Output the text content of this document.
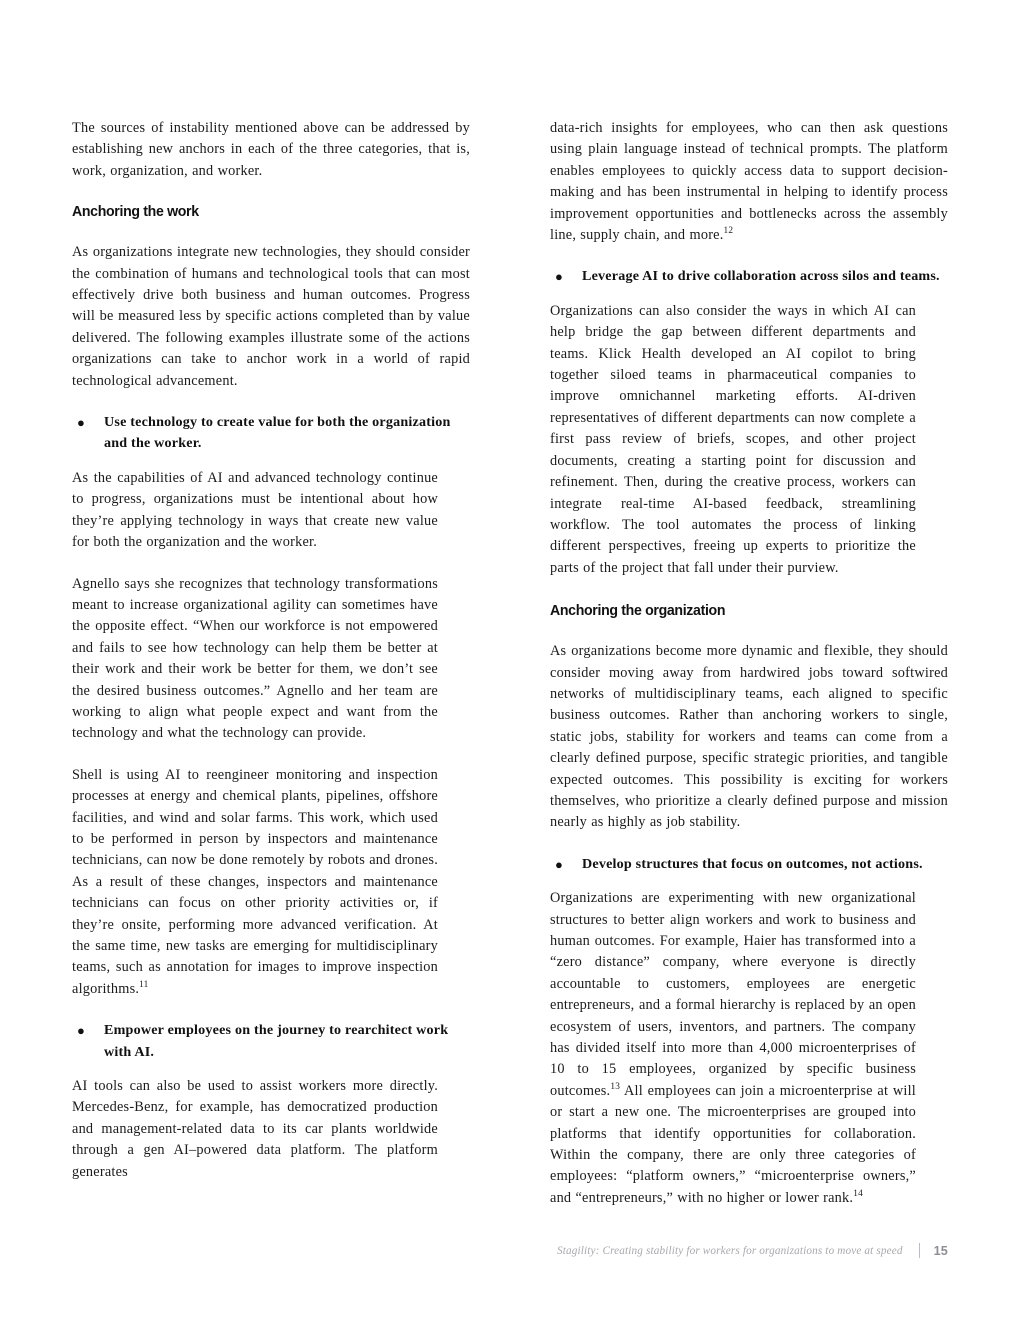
The sources of instability mentioned above can be addressed by establishing new anchors in each of the three categories, that is, work, organization, and worker.

Anchoring the work

As organizations integrate new technologies, they should consider the combination of humans and technological tools that can most effectively drive both business and human outcomes. Progress will be measured less by specific actions completed than by value delivered. The following examples illustrate some of the actions organizations can take to anchor work in a world of rapid technological advancement.

●	Use technology to create value for both the organization and the worker.

As the capabilities of AI and advanced technology continue to progress, organizations must be intentional about how they’re applying technology in ways that create new value for both the organization and the worker.

Agnello says she recognizes that technology transformations meant to increase organizational agility can sometimes have the opposite effect. “When our workforce is not empowered and fails to see how technology can help them be better at their work and their work be better for them, we don’t see the desired business outcomes.” Agnello and her team are working to align what people expect and want from the technology and what the technology can provide.

Shell is using AI to reengineer monitoring and inspection processes at energy and chemical plants, pipelines, offshore facilities, and wind and solar farms. This work, which used to be performed in person by inspectors and maintenance technicians, can now be done remotely by robots and drones. As a result of these changes, inspectors and maintenance technicians can focus on other priority activities or, if they’re onsite, performing more advanced verification. At the same time, new tasks are emerging for multidisciplinary teams, such as annotation for images to improve inspection algorithms.$^{11}$

●	Empower employees on the journey to rearchitect work with AI.

AI tools can also be used to assist workers more directly. Mercedes-Benz, for example, has democratized production and management-related data to its car plants worldwide through a gen AI–powered data platform. The platform generates

data-rich insights for employees, who can then ask questions using plain language instead of technical prompts. The platform enables employees to quickly access data to support decision-making and has been instrumental in helping to identify process improvement opportunities and bottlenecks across the assembly line, supply chain, and more.$^{12}$

●	Leverage AI to drive collaboration across silos and teams.

Organizations can also consider the ways in which AI can help bridge the gap between different departments and teams. Klick Health developed an AI copilot to bring together siloed teams in pharmaceutical companies to improve omnichannel marketing efforts. AI-driven representatives of different departments can now complete a first pass review of briefs, scopes, and other project documents, creating a starting point for discussion and refinement. Then, during the creative process, workers can integrate real-time AI-based feedback, streamlining workflow. The tool automates the process of linking different perspectives, freeing up experts to prioritize the parts of the project that fall under their purview.

Anchoring the organization

As organizations become more dynamic and flexible, they should consider moving away from hardwired jobs toward softwired networks of multidisciplinary teams, each aligned to specific business outcomes. Rather than anchoring workers to single, static jobs, stability for workers and teams can come from a clearly defined purpose, specific strategic priorities, and tangible expected outcomes. This possibility is exciting for workers themselves, who prioritize a clearly defined purpose and mission nearly as highly as job stability.

●	Develop structures that focus on outcomes, not actions.

Organizations are experimenting with new organizational structures to better align workers and work to business and human outcomes. For example, Haier has transformed into a “zero distance” company, where everyone is directly accountable to customers, employees are energetic entrepreneurs, and a formal hierarchy is replaced by an open ecosystem of users, inventors, and partners. The company has divided itself into more than 4,000 microenterprises of 10 to 15 employees, organized by specific business outcomes.$^{13}$ All employees can join a microenterprise at will or start a new one. The microenterprises are grouped into platforms that identify opportunities for collaboration. Within the company, there are only three categories of employees: “platform owners,” “microenterprise owners,” and “entrepreneurs,” with no higher or lower rank.$^{14}$

Stagility: Creating stability for workers for organizations to move at speed 15
